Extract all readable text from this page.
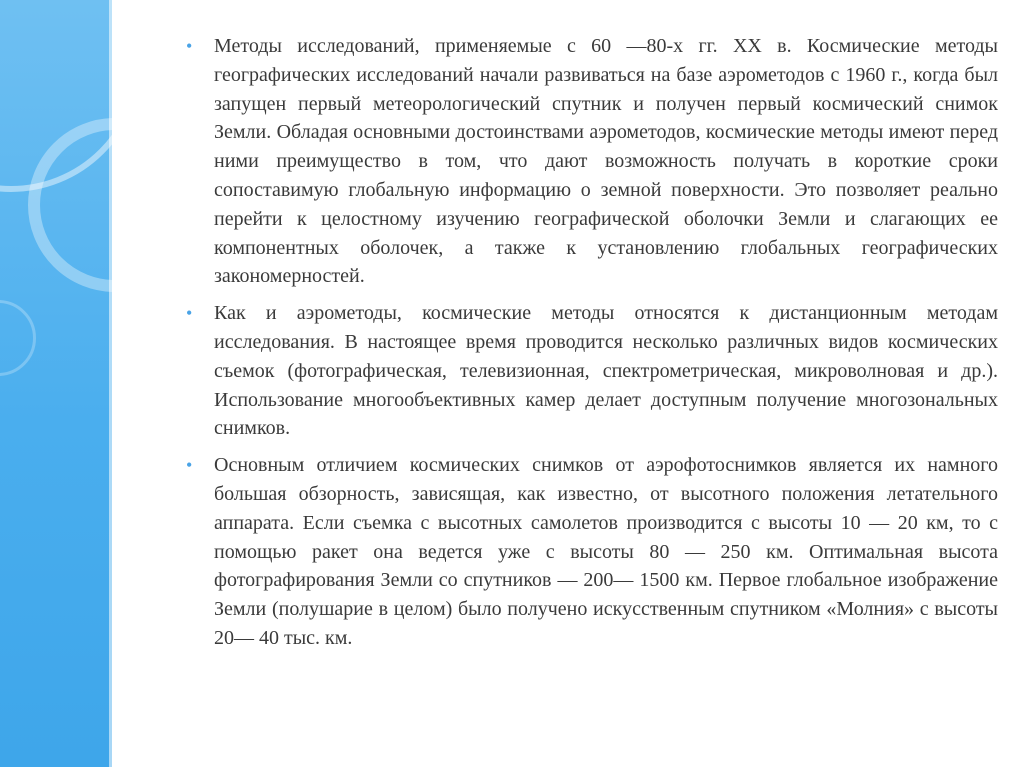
• Методы исследований, применяемые с 60 —80-х гг. XX в. Космические методы географических исследований начали развиваться на базе аэрометодов с 1960 г., когда был запущен первый метеорологический спутник и получен первый космический снимок Земли. Обладая основными достоинствами аэрометодов, космические методы имеют перед ними преимущество в том, что дают возможность получать в короткие сроки сопоставимую глобальную информацию о земной поверхности. Это позволяет реально перейти к целостному изучению географической оболочки Земли и слагающих ее компонентных оболочек, а также к установлению глобальных географических закономерностей.
• Как и аэрометоды, космические методы относятся к дистанционным методам исследования. В настоящее время проводится несколько различных видов космических съемок (фотографическая, телевизионная, спектрометрическая, микроволновая и др.). Использование многообъективных камер делает доступным получение многозональных снимков.
• Основным отличием космических снимков от аэрофотоснимков является их намного большая обзорность, зависящая, как известно, от высотного положения летательного аппарата. Если съемка с высотных самолетов производится с высоты 10 — 20 км, то с помощью ракет она ведется уже с высоты 80 — 250 км. Оптимальная высота фотографирования Земли со спутников — 200— 1500 км. Первое глобальное изображение Земли (полушарие в целом) было получено искусственным спутником «Молния» с высоты 20— 40 тыс. км.
